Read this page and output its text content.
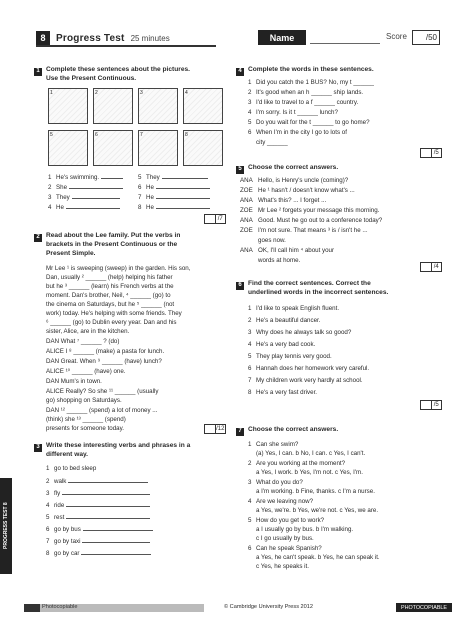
8	Progress Test 25 minutes	Name	Score	/50
1 Complete these sentences about the pictures.
Use the Present Continuous.
1	2	3	4
5	6	7	8
1 He's swimming.	5 They
2 She	6 He
3 They	7 He
4 He	8 He
/7
2 Read about the Lee family. Put the verbs in
brackets in the Present Continuous or the
Present Simple.
Mr Lee ¹ is sweeping (sweep) in the garden. His son,
Dan, usually ² ______ (help) helping his father
but he ³ ______ (learn) his French verbs at the
moment. Dan's brother, Neil, ⁴ ______ (go) to
the cinema on Saturdays, but he ⁵ ______ (not
work) today. He's helping with some friends. They
⁶ ______ (go) to Dublin every year. Dan and his
sister, Alice, are in the kitchen.
DAN What ⁷ ______ ? (do)
ALICE I ⁸ ______ (make) a pasta for lunch.
DAN Great. When ⁹ ______ (have) lunch?
ALICE ¹⁰ ______ (have) one.
DAN Mum's in town.
ALICE Really? So she ¹¹ ______ (usually
go) shopping on Saturdays.
DAN ¹² ______ (spend) a lot of money ...
(think) she ¹³ ______ (spend)
presents for someone today.	/12
3 Write these interesting verbs and phrases in a
different way.
1 go to bed sleep
2 walk
3 fly
4 ride
5 rest
6 go by bus
7 go by taxi
8 go by car
4 Complete the words in these sentences.
1 Did you catch the 1 BUS? No, my t ______
2 It's good when an h ______ ship lands.
3 I'd like to travel to a f ______ country.
4 I'm sorry. Is it t ______ lunch?
5 Do you wait for the t ______ to go home?
6 When I'm in the city I go to lots of
city ______
/5
5 Choose the correct answers.
ANA Hello, is Henry's uncle (coming)?
ZOE He ¹ hasn't / doesn't know what's ...
ANA What's this? ... I forget ...
ZOE Mr Lee ² forgets your message this morning.
ANA Good. Must he go out to a conference today?
ZOE I'm not sure. That means ³ is / isn't he ...
goes now.
ANA OK, I'll call him ⁴ about your
words at home.
/4
6 Find the correct sentences. Correct the
underlined words in the incorrect sentences.
1 I'd like to speak English fluent.
2 He's a beautiful dancer.
3 Why does he always talk so good?
4 He's a very bad cook.
5 They play tennis very good.
6 Hannah does her homework very careful.
7 My children work very hardly at school.
8 He's a very fast driver.
/5
7 Choose the correct answers.
1 Can she swim?
(a) Yes, I can. b No, I can. c Yes, I can't.
2 Are you working at the moment?
a Yes, I work. b Yes, I'm not. c Yes, I'm.
3 What do you do?
a I'm working. b Fine, thanks. c I'm a nurse.
4 Are we leaving now?
a Yes, we're. b Yes, we're not. c Yes, we are.
5 How do you get to work?
a I usually go by bus. b I'm walking.
c I go usually by bus.
6 Can he speak Spanish?
a Yes, he can't speak. b Yes, he can speak it.
c Yes, he speaks it.
PROGRESS TEST 8
Photocopiable	© Cambridge University Press 2012	PHOTOCOPIABLE
